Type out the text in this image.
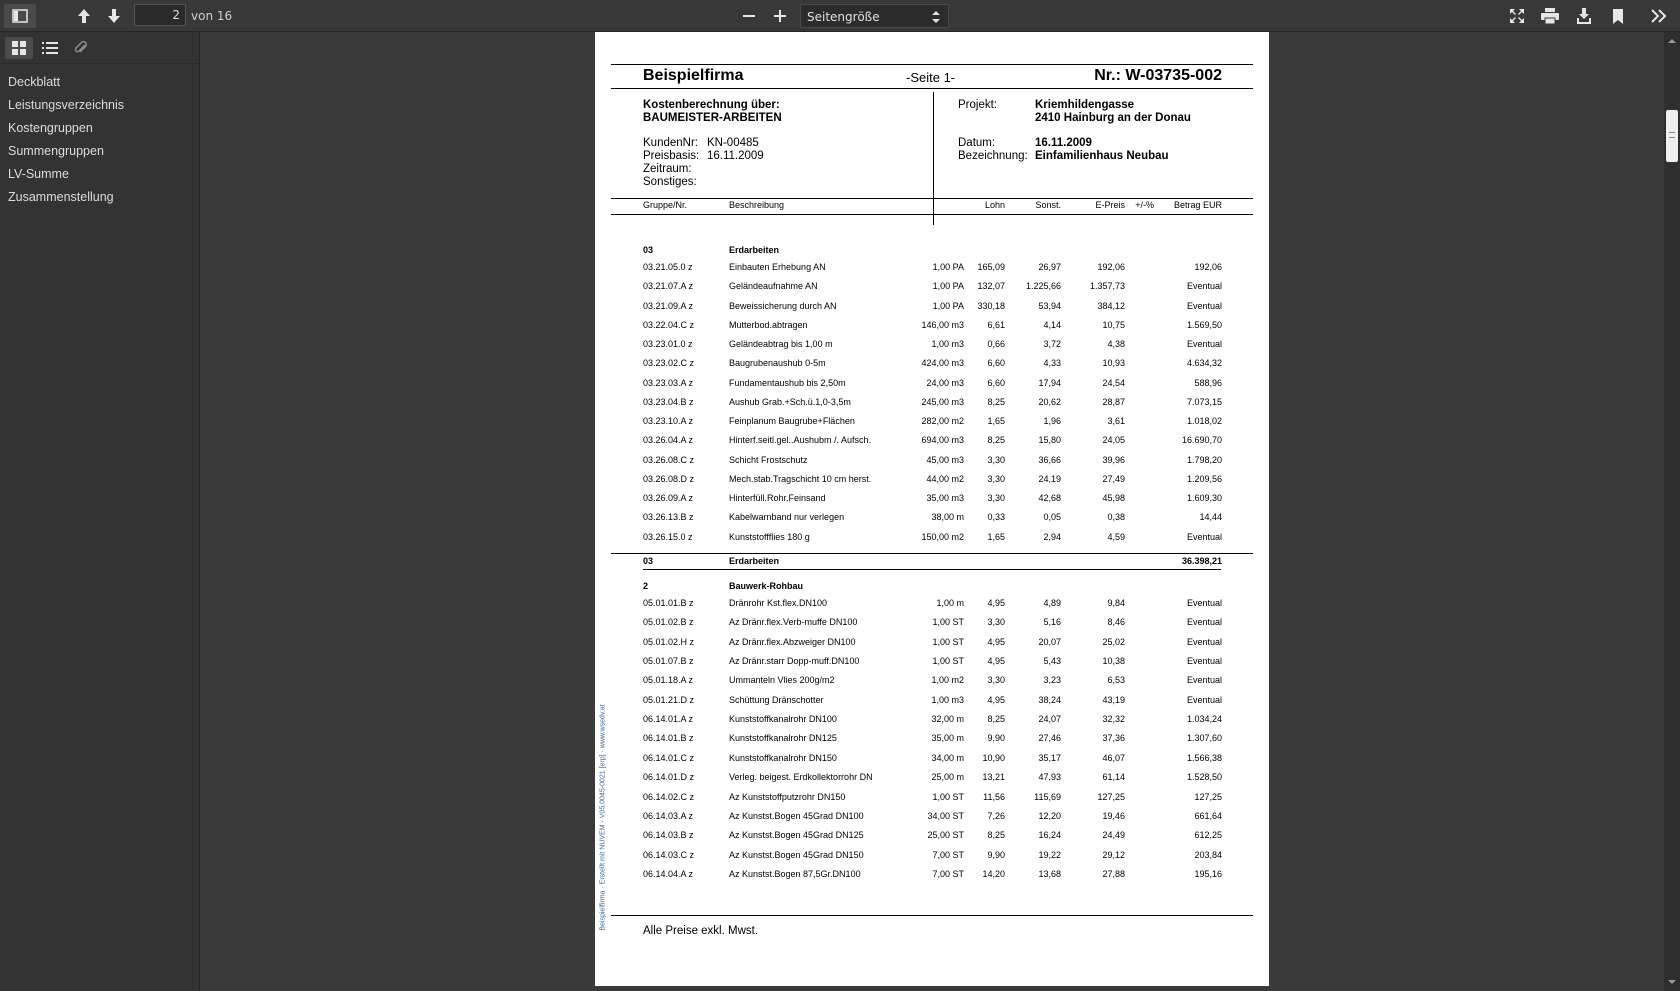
2
von 16	Seitengröße
Deckblatt
Leistungsverzeichnis
Kostengruppen
Summengruppen
LV-Summe
Zusammenstellung
Beispielfirma	-Seite 1-	Nr.: W-03735-002
Kostenberechnung über:
BAUMEISTER-ARBEITEN
KundenNr: KN-00485
Preisbasis: 16.11.2009
Zeitraum:
Sonstiges:
Projekt:	Kriemhildengasse
2410 Hainburg an der Donau
Datum:	16.11.2009
Bezeichnung: Einfamilienhaus Neubau
Gruppe/Nr.	Beschreibung	Lohn	Sonst.	E-Preis +/-% Betrag EUR
03	Erdarbeiten
03.21.05.0 z	Einbauten Erhebung AN	1,00 PA 165,09	26,97	192,06	192,06
03.21.07.A z	Geländeaufnahme AN	1,00 PA 132,07 1.225,66	1.357,73	Eventual
03.21.09.A z	Beweissicherung durch AN	1,00 PA 330,18	53,94	384,12	Eventual
03.22.04.C z	Mutterbod.abtragen	146,00 m3	6,61	4,14	10,75	1.569,50
03.23.01.0 z	Geländeabtrag bis 1,00 m	1,00 m3	0,66	3,72	4,38	Eventual
03.23.02.C z	Baugrubenaushub 0-5m	424,00 m3	6,60	4,33	10,93	4.634,32
03.23.03.A z	Fundamentaushub bis 2,50m	24,00 m3	6,60	17,94	24,54	588,96
03.23.04.B z	Aushub Grab.+Sch.ü.1,0-3,5m	245,00 m3	8,25	20,62	28,87	7.073,15
03.23.10.A z	Feinplanum Baugrube+Flächen	282,00 m2	1,65	1,96	3,61	1.018,02
03.26.04.A z	Hinterf.seitl.gel..Aushubm /. Aufsch.	694,00 m3	8,25	15,80	24,05	16.690,70
03.26.08.C z	Schicht Frostschutz	45,00 m3	3,30	36,66	39,96	1.798,20
03.26.08.D z	Mech.stab.Tragschicht 10 cm herst.	44,00 m2	3,30	24,19	27,49	1.209,56
03.26.09.A z	Hinterfüll.Rohr.Feinsand	35,00 m3	3,30	42,68	45,98	1.609,30
03.26.13.B z	Kabelwarnband nur verlegen	38,00 m	0,33	0,05	0,38	14,44
03.26.15.0 z	Kunststoffflies 180 g	150,00 m2	1,65	2,94	4,59	Eventual
03	Erdarbeiten	36.398,21
2	Bauwerk-Rohbau
05.01.01.B z	Dränrohr Kst.flex.DN100	1,00 m	4,95	4,89	9,84	Eventual
05.01.02.B z	Az Dränr.flex.Verb-muffe DN100	1,00 ST	3,30	5,16	8,46	Eventual
05.01.02.H z	Az Dränr.flex.Abzweiger DN100	1,00 ST	4,95	20,07	25,02	Eventual
05.01.07.B z	Az Dränr.starr Dopp-muff.DN100	1,00 ST	4,95	5,43	10,38	Eventual
05.01.18.A z	Ummanteln Vlies 200g/m2	1,00 m2	3,30	3,23	6,53	Eventual
05.01.21.D z	Schüttung Dränschotter	1,00 m3	4,95	38,24	43,19	Eventual
06.14.01.A z	Kunststoffkanalrohr DN100	32,00 m	8,25	24,07	32,32	1.034,24
06.14.01.B z	Kunststoffkanalrohr DN125	35,00 m	9,90	27,46	37,36	1.307,60
06.14.01.C z	Kunststoffkanalrohr DN150	34,00 m 10,90	35,17	46,07	1.566,38
06.14.01.D z	Verleg. beigest. Erdkollektorrohr DN	25,00 m 13,21	47,93	61,14	1.528,50
06.14.02.C z	Az Kunststoffputzrohr DN150	1,00 ST 11,56	115,69	127,25	127,25
06.14.03.A z	Az Kunstst.Bogen 45Grad DN100	34,00 ST	7,26	12,20	19,46	661,64
06.14.03.B z	Az Kunstst.Bogen 45Grad DN125	25,00 ST	8,25	16,24	24,49	612,25
06.14.03.C z	Az Kunstst.Bogen 45Grad DN150	7,00 ST	9,90	19,22	29,12	203,84
06.14.04.A z	Az Kunstst.Bogen 87,5Gr.DN100	7,00 ST 14,20	13,68	27,88	195,16
Alle Preise exkl. Mwst.
Beispielfirma · Erstellt mit NUVEM - V05.0045-0021 [erp] · www.wsedv.at
